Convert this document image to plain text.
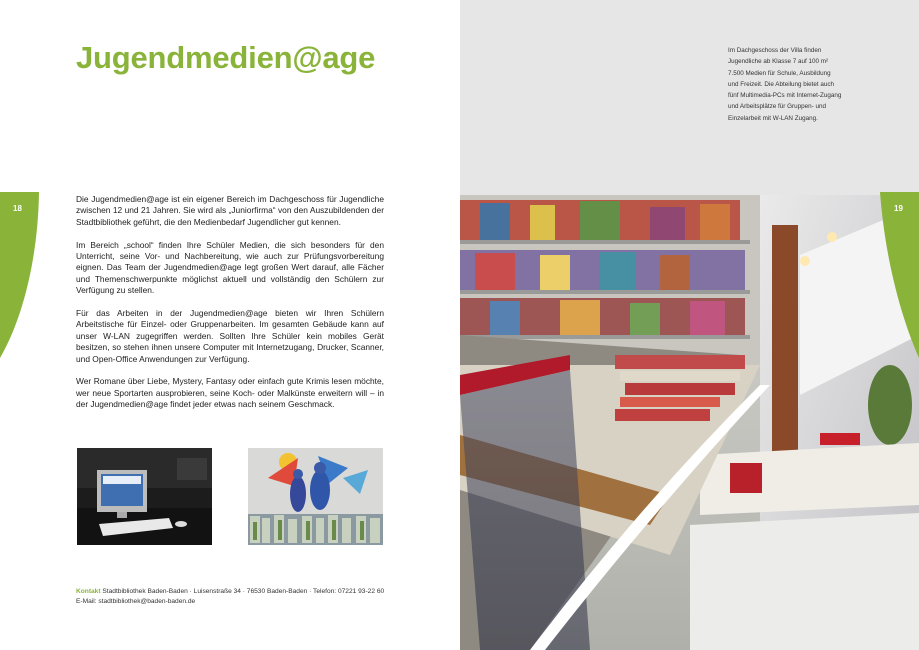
Jugendmedien@age	Im Dachgeschoss der Villa finden

Jugendliche ab Klasse 7 auf 100 m²

7.500 Medien für Schule, Ausbildung

und Freizeit. Die Abteilung bietet auch

fünf Multimedia-PCs mit Internet-Zugang

und Arbeitsplätze für Gruppen- und

Einzelarbeit mit W-LAN Zugang.

18	19

Die Jugendmedien@age ist ein eigener Bereich im Dachgeschoss für Jugendliche zwischen 12 und 21 Jahren. Sie wird als „Juniorfirma“ von den Auszubildenden der Stadtbibliothek geführt, die den Medienbedarf Jugendlicher gut kennen.

Im Bereich „school“ finden Ihre Schüler Medien, die sich besonders für den Unterricht, seine Vor- und Nachbereitung, wie auch zur Prüfungsvorbereitung eignen. Das Team der Jugendmedien@age legt großen Wert darauf, alle Fächer und Themenschwerpunkte möglichst aktuell und vollständig den Schülern zur Verfügung zu stellen.

Für das Arbeiten in der Jugendmedien@age bieten wir Ihren Schülern Arbeitstische für Einzel- oder Gruppenarbeiten. Im gesamten Gebäude kann auf unser W-LAN zugegriffen werden. Sollten Ihre Schüler kein mobiles Gerät besitzen, so stehen ihnen unsere Computer mit Internetzugang, Drucker, Scanner, und Open-Office Anwendungen zur Verfügung.

Wer Romane über Liebe, Mystery, Fantasy oder einfach gute Krimis lesen möchte, wer neue Sportarten ausprobieren, seine Koch- oder Malkünste erweitern will – in der Jugendmedien@age findet jeder etwas nach seinem Geschmack.

Kontakt Stadtbibliothek Baden-Baden · Luisenstraße 34 · 76530 Baden-Baden · Telefon: 07221 93-22 60
E-Mail: stadtbibliothek@baden-baden.de
